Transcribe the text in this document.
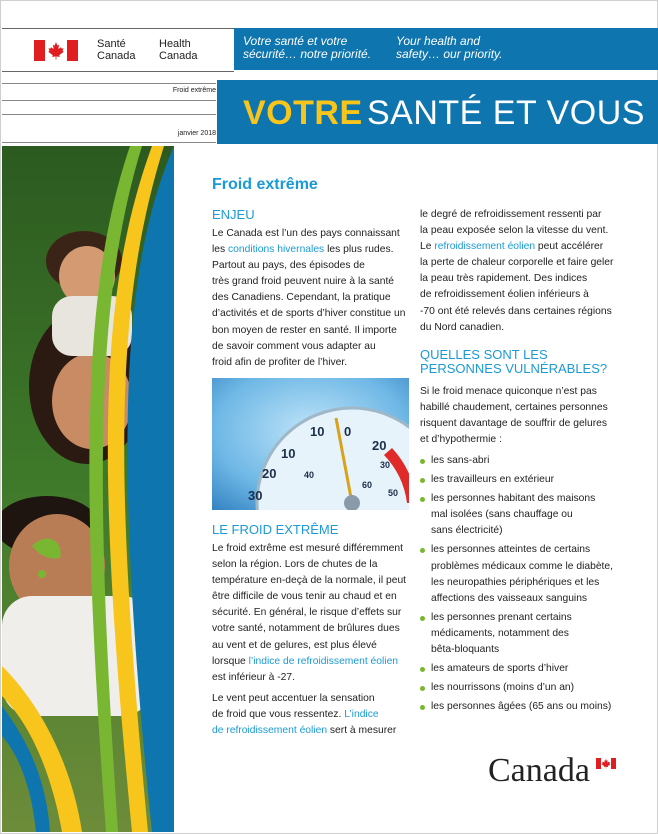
Santé
Canada
Health
Canada
Votre santé et votre
sécurité… notre priorité.
Your health and
safety… our priority.
Froid extrême
janvier 2018
VOTRE SANTÉ ET VOUS
Froid extrême
ENJEU
Le Canada est l’un des pays connaissant
les conditions hivernales les plus rudes.
Partout au pays, des épisodes de
très grand froid peuvent nuire à la santé
des Canadiens. Cependant, la pratique
d’activités et de sports d’hiver constitue un
bon moyen de rester en santé. Il importe
de savoir comment vous adapter au
froid afin de profiter de l’hiver.
10 0
10
20
20
30
40
60
30
50
LE FROID EXTRÊME
Le froid extrême est mesuré différemment
selon la région. Lors de chutes de la
température en-deçà de la normale, il peut
être difficile de vous tenir au chaud et en
sécurité. En général, le risque d’effets sur
votre santé, notamment de brûlures dues
au vent et de gelures, est plus élevé
lorsque l’indice de refroidissement éolien
est inférieur à -27.
Le vent peut accentuer la sensation
de froid que vous ressentez. L’indice
de refroidissement éolien sert à mesurer
le degré de refroidissement ressenti par
la peau exposée selon la vitesse du vent.
Le refroidissement éolien peut accélérer
la perte de chaleur corporelle et faire geler
la peau très rapidement. Des indices
de refroidissement éolien inférieurs à
-70 ont été relevés dans certaines régions
du Nord canadien.
QUELLES SONT LES
PERSONNES VULNÉRABLES?
Si le froid menace quiconque n’est pas
habillé chaudement, certaines personnes
risquent davantage de souffrir de gelures
et d’hypothermie :
les sans-abri
les travailleurs en extérieur
les personnes habitant des maisons
mal isolées (sans chauffage ou
sans électricité)
les personnes atteintes de certains
problèmes médicaux comme le diabète,
les neuropathies périphériques et les
affections des vaisseaux sanguins
les personnes prenant certains
médicaments, notamment des
bêta-bloquants
les amateurs de sports d’hiver
les nourrissons (moins d’un an)
les personnes âgées (65 ans ou moins)
Canada
